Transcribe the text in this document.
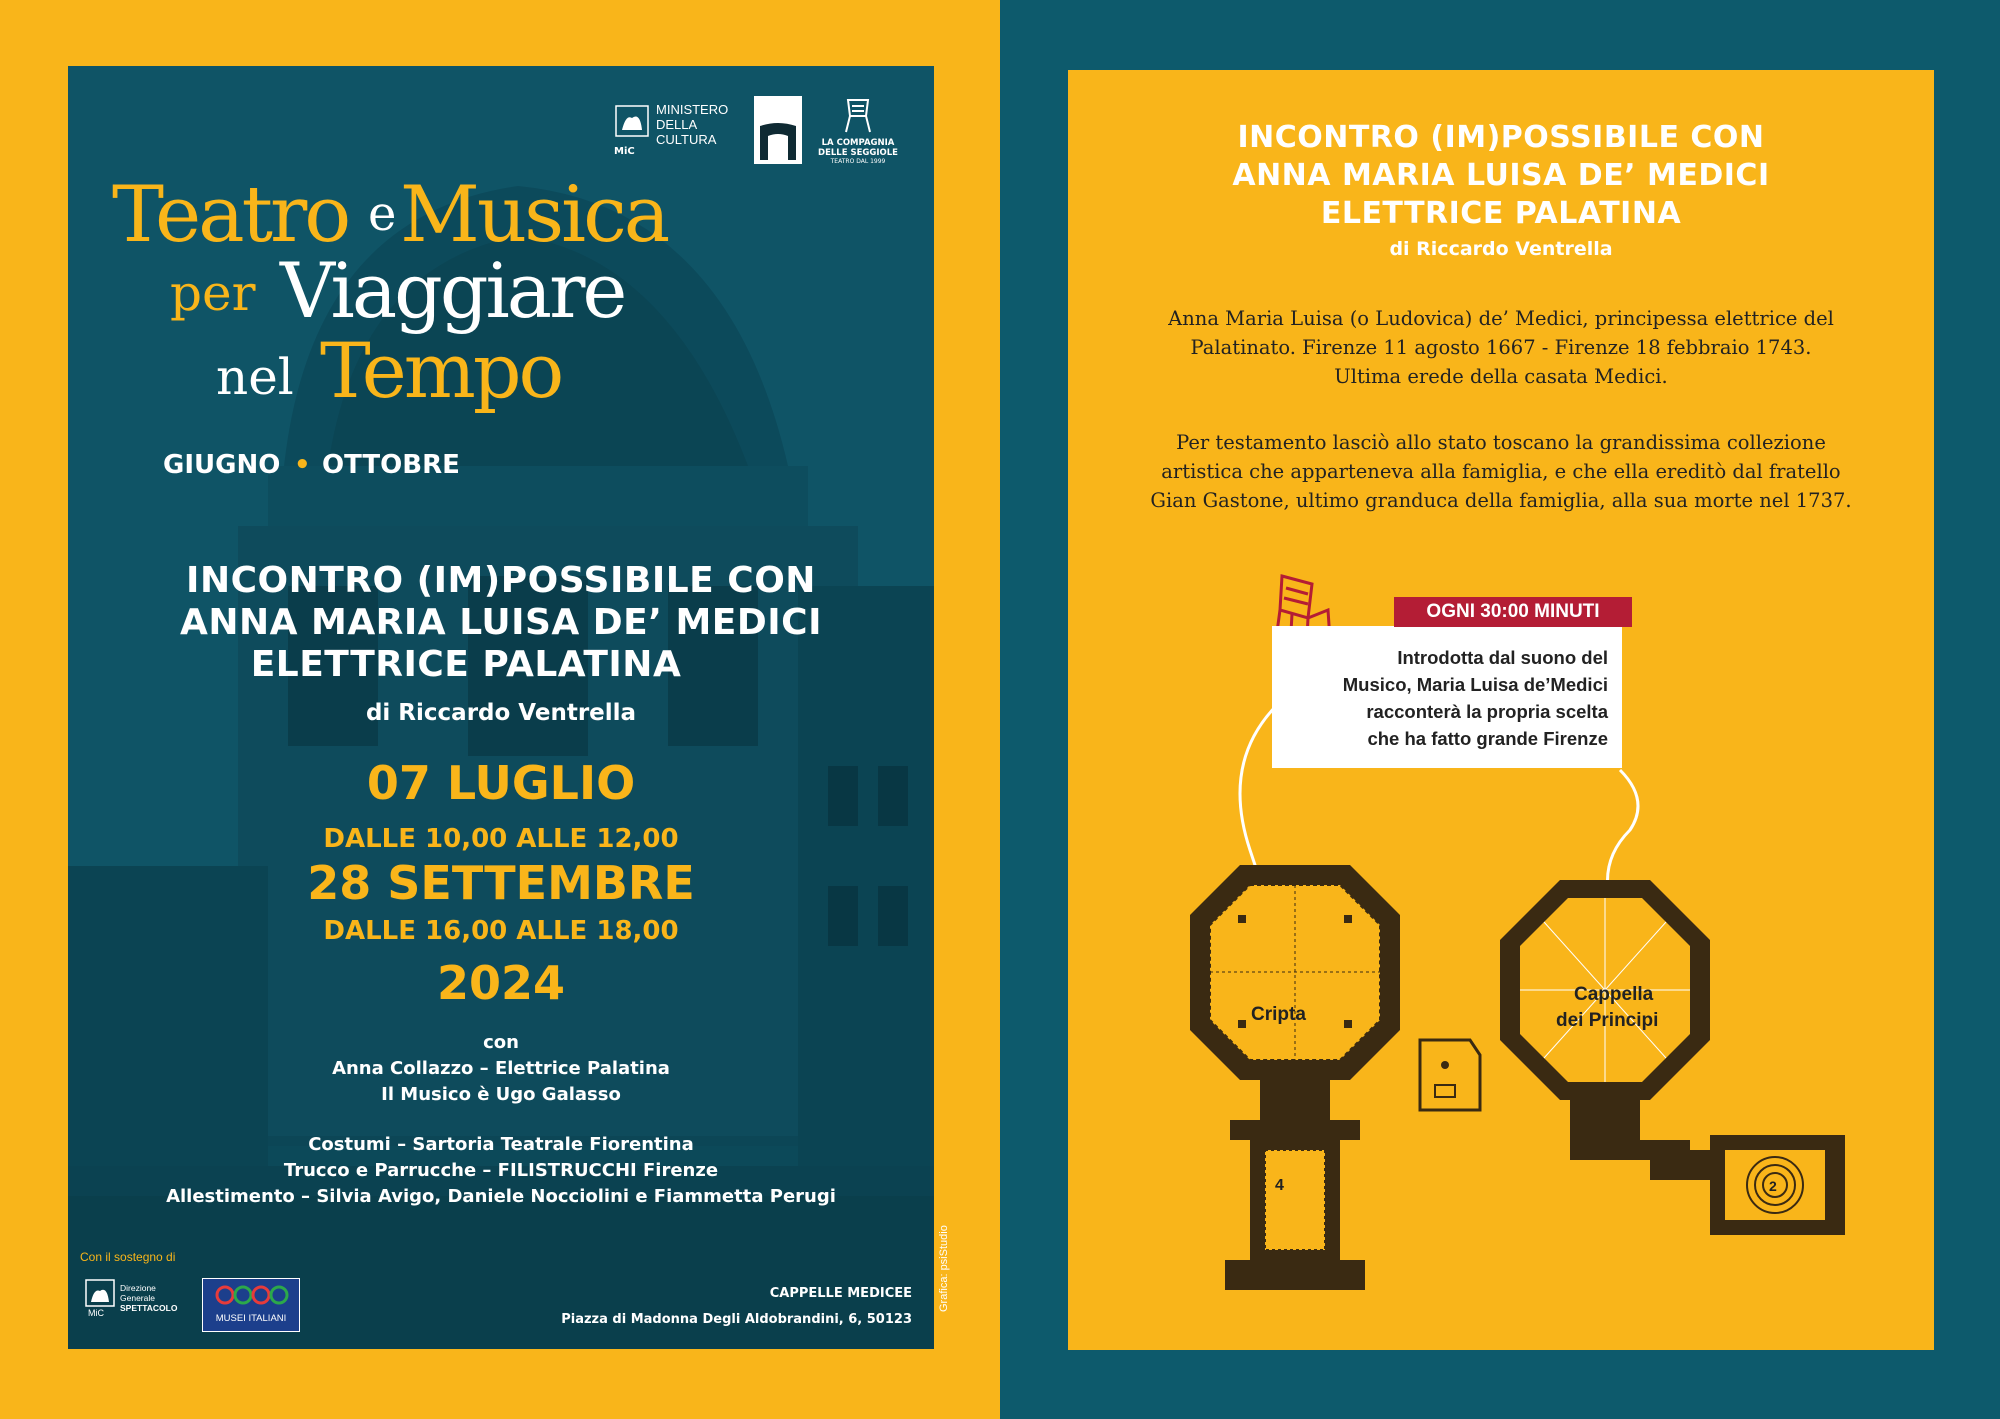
MiC
MINISTERO
DELLA
CULTURA	LA COMPAGNIA
DELLE SEGGIOLE
TEATRO DAL 1999
Teatro e Musica
per Viaggiare
nel Tempo
GIUGNO • OTTOBRE
INCONTRO (IM)POSSIBILE CON
ANNA MARIA LUISA DE’ MEDICI
ELETTRICE PALATINA
di Riccardo Ventrella
07 LUGLIO
DALLE 10,00 ALLE 12,00
28 SETTEMBRE
DALLE 16,00 ALLE 18,00
2024
con
Anna Collazzo – Elettrice Palatina
Il Musico è Ugo Galasso
Costumi – Sartoria Teatrale Fiorentina
Trucco e Parrucche – FILISTRUCCHI Firenze
Allestimento – Silvia Avigo, Daniele Nocciolini e Fiammetta Perugi
Con il sostegno di
MiC
Direzione
Generale
SPETTACOLO
MUSEI ITALIANI
CAPPELLE MEDICEE
Piazza di Madonna Degli Aldobrandini, 6, 50123
Grafica: psiStudio
INCONTRO (IM)POSSIBILE CON
ANNA MARIA LUISA DE’ MEDICI
ELETTRICE PALATINA
di Riccardo Ventrella
Anna Maria Luisa (o Ludovica) de’ Medici, principessa elettrice del
Palatinato. Firenze 11 agosto 1667 - Firenze 18 febbraio 1743.
Ultima erede della casata Medici.
Per testamento lasciò allo stato toscano la grandissima collezione
artistica che apparteneva alla famiglia, e che ella ereditò dal fratello
Gian Gastone, ultimo granduca della famiglia, alla sua morte nel 1737.
Introdotta dal suono del
Musico, Maria Luisa de’Medici
racconterà la propria scelta
che ha fatto grande Firenze
OGNI 30:00 MINUTI
Cripta
4
Cappella
dei Principi
2
